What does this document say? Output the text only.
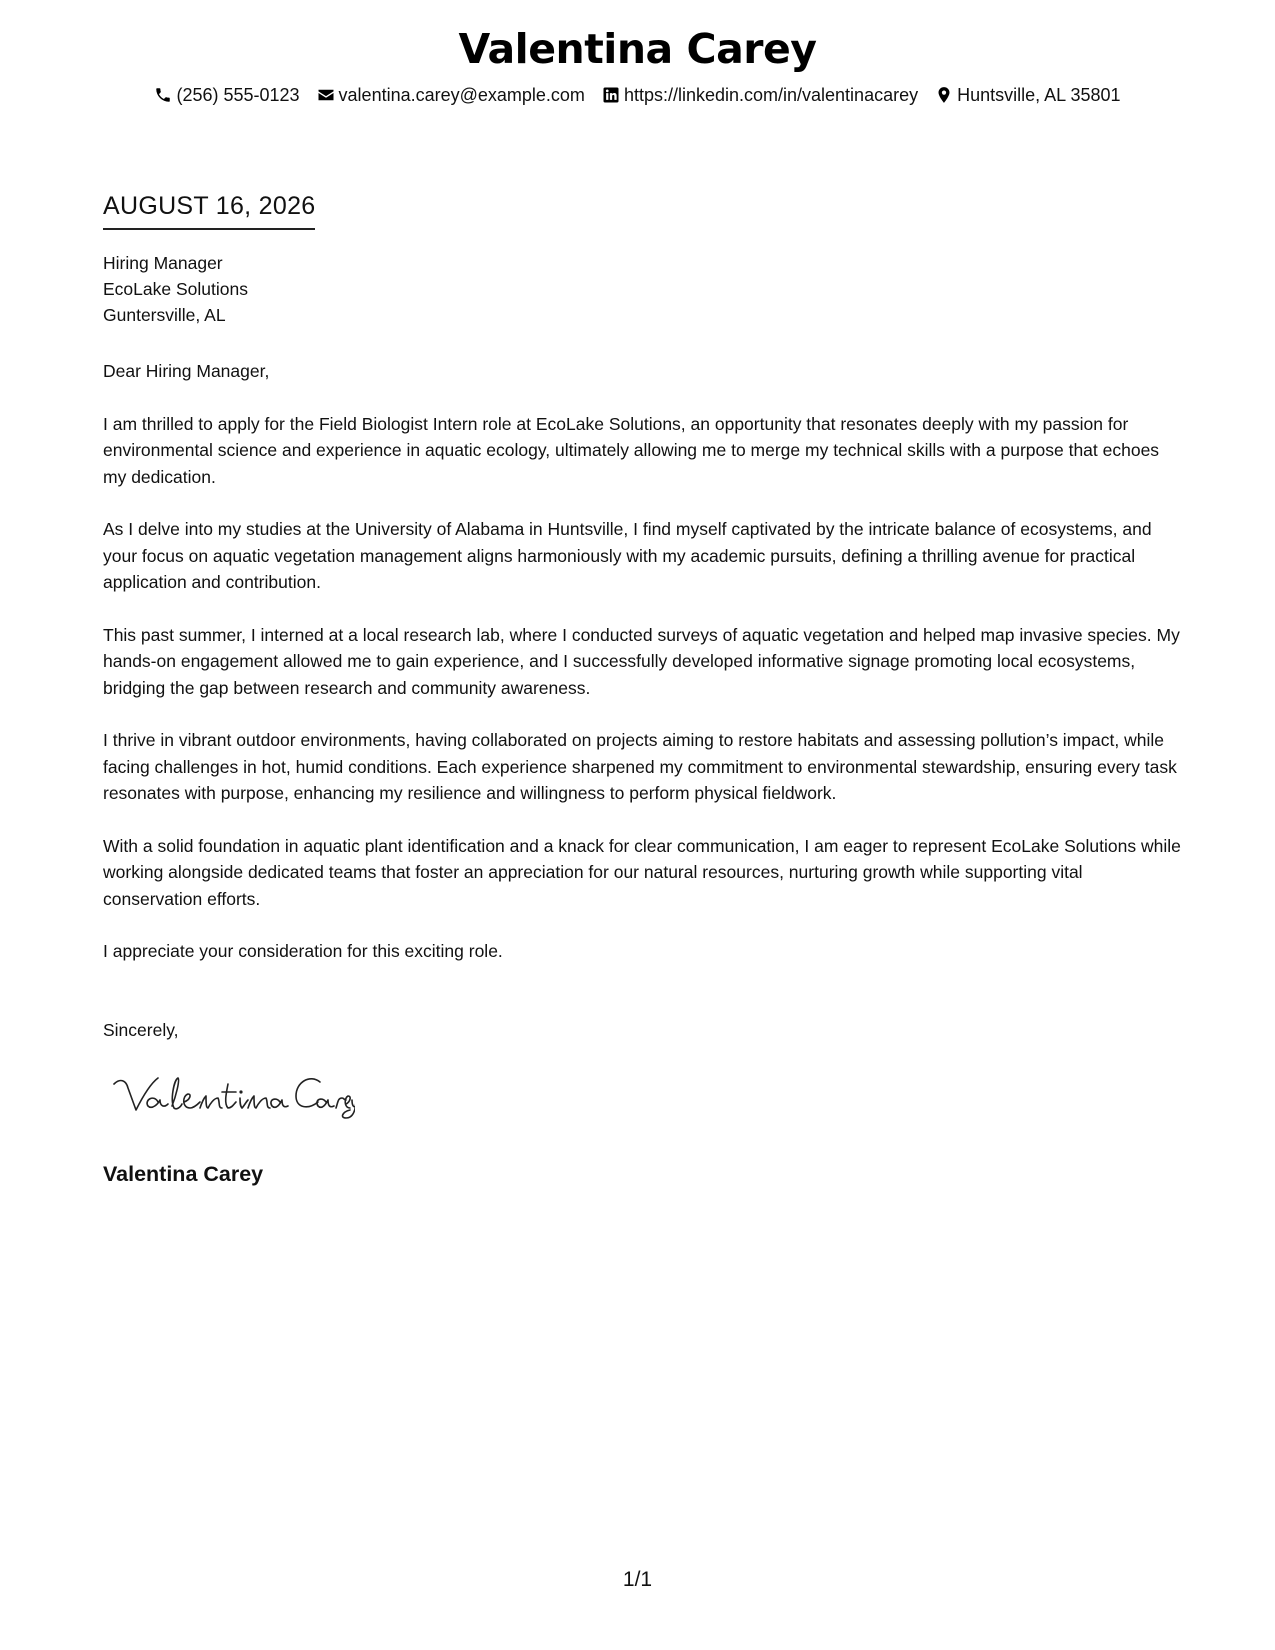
Valentina Carey
(256) 555-0123 valentina.carey@example.com https://linkedin.com/in/valentinacarey Huntsville, AL 35801
AUGUST 16, 2026
Hiring Manager
EcoLake Solutions
Guntersville, AL

Dear Hiring Manager,

I am thrilled to apply for the Field Biologist Intern role at EcoLake Solutions, an opportunity that resonates deeply with my passion for environmental science and experience in aquatic ecology, ultimately allowing me to merge my technical skills with a purpose that echoes my dedication.

As I delve into my studies at the University of Alabama in Huntsville, I find myself captivated by the intricate balance of ecosystems, and your focus on aquatic vegetation management aligns harmoniously with my academic pursuits, defining a thrilling avenue for practical application and contribution.

This past summer, I interned at a local research lab, where I conducted surveys of aquatic vegetation and helped map invasive species. My hands-on engagement allowed me to gain experience, and I successfully developed informative signage promoting local ecosystems, bridging the gap between research and community awareness.

I thrive in vibrant outdoor environments, having collaborated on projects aiming to restore habitats and assessing pollution’s impact, while facing challenges in hot, humid conditions. Each experience sharpened my commitment to environmental stewardship, ensuring every task resonates with purpose, enhancing my resilience and willingness to perform physical fieldwork.

With a solid foundation in aquatic plant identification and a knack for clear communication, I am eager to represent EcoLake Solutions while working alongside dedicated teams that foster an appreciation for our natural resources, nurturing growth while supporting vital conservation efforts.

I appreciate your consideration for this exciting role.

Sincerely,
Valentina Carey
1/1
